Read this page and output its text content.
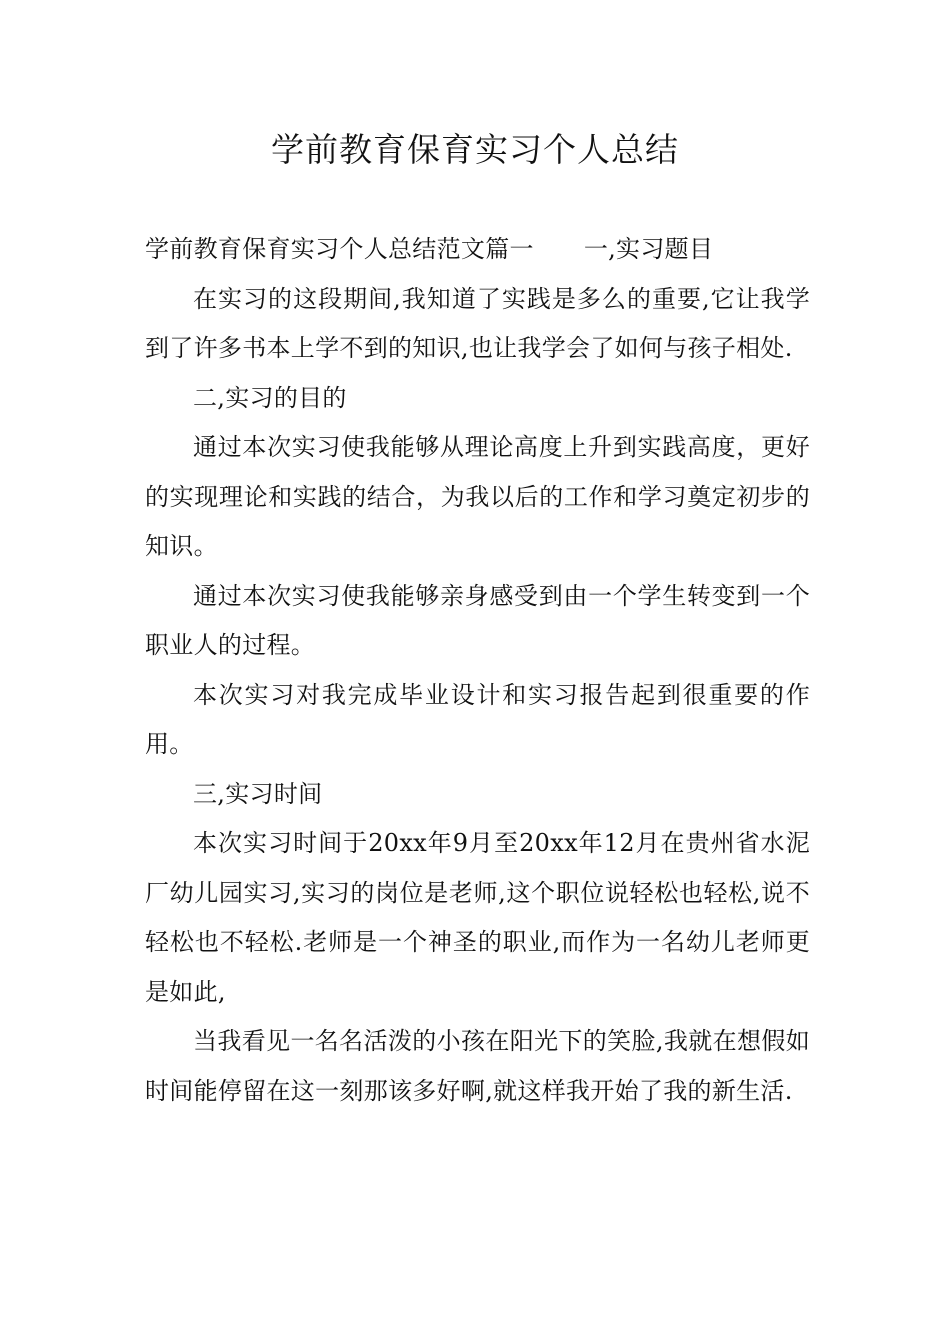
学前教育保育实习个人总结

学前教育保育实习个人总结范文篇一 一,实习题目

在实习的这段期间,我知道了实践是多么的重要,它让我学到了许多书本上学不到的知识,也让我学会了如何与孩子相处.

二,实习的目的

通过本次实习使我能够从理论高度上升到实践高度，更好的实现理论和实践的结合，为我以后的工作和学习奠定初步的知识。

通过本次实习使我能够亲身感受到由一个学生转变到一个职业人的过程。

本次实习对我完成毕业设计和实习报告起到很重要的作用。

三,实习时间

本次实习时间于20xx年9月至20xx年12月在贵州省水泥厂幼儿园实习,实习的岗位是老师,这个职位说轻松也轻松,说不轻松也不轻松.老师是一个神圣的职业,而作为一名幼儿老师更是如此,

当我看见一名名活泼的小孩在阳光下的笑脸,我就在想假如时间能停留在这一刻那该多好啊,就这样我开始了我的新生活.
